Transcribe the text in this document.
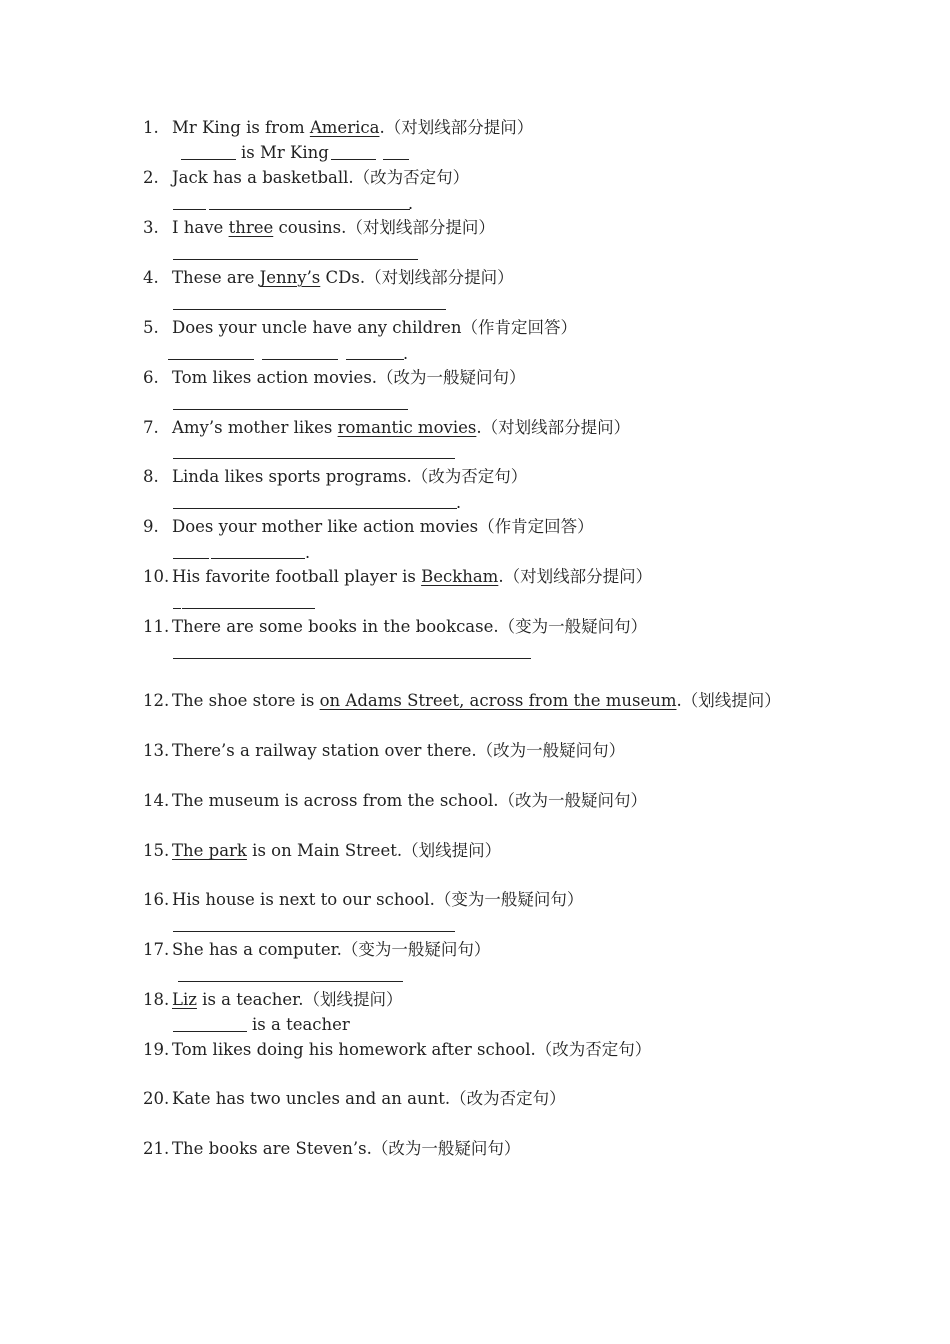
1. Mr King is from America.（对划线部分提问）
2. Jack has a basketball.（改为否定句）
3. I have three cousins.（对划线部分提问）
4. These are Jenny’s CDs.（对划线部分提问）
5. Does your uncle have any children（作肯定回答）
6. Tom likes action movies.（改为一般疑问句）
7. Amy’s mother likes romantic movies.（对划线部分提问）
8. Linda likes sports programs.（改为否定句）
9. Does your mother like action movies（作肯定回答）
10. His favorite football player is Beckham.（对划线部分提问）
11. There are some books in the bookcase.（变为一般疑问句）
12. The shoe store is on Adams Street, across from the museum.（划线提问）
13. There’s a railway station over there.（改为一般疑问句）
14. The museum is across from the school.（改为一般疑问句）
15. The park is on Main Street.（划线提问）
16. His house is next to our school.（变为一般疑问句）
17. She has a computer.（变为一般疑问句）
18. Liz is a teacher.（划线提问）
19. Tom likes doing his homework after school.（改为否定句）
20. Kate has two uncles and an aunt.（改为否定句）
21. The books are Steven’s.（改为一般疑问句）
is Mr King
.
.
.
.
is a teacher
